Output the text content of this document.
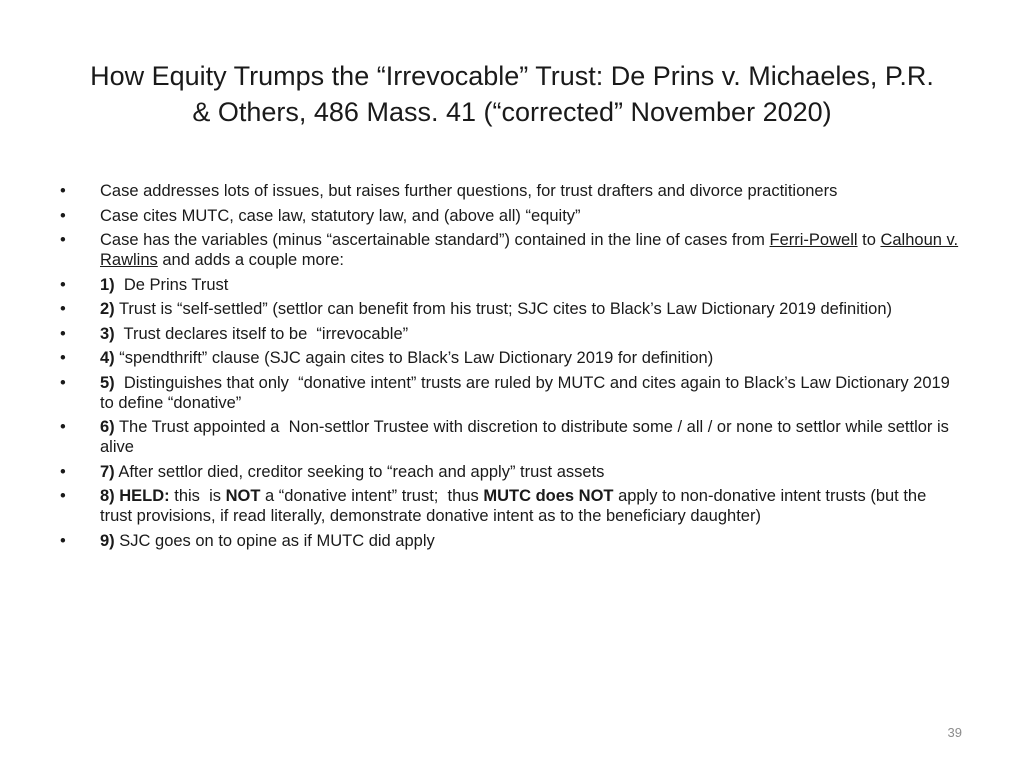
How Equity Trumps the “Irrevocable” Trust: De Prins v. Michaeles, P.R.
& Others, 486 Mass. 41 (“corrected” November 2020)
•	Case addresses lots of issues, but raises further questions, for trust drafters and divorce practitioners
•	Case cites MUTC, case law, statutory law, and (above all) “equity”
•	Case has the variables (minus “ascertainable standard”) contained in the line of cases from Ferri-Powell to Calhoun v. Rawlins and adds a couple more:
•	1)  De Prins Trust
•	2) Trust is “self-settled” (settlor can benefit from his trust; SJC cites to Black’s Law Dictionary 2019 definition)
•	3)  Trust declares itself to be  “irrevocable”
•	4) “spendthrift” clause (SJC again cites to Black’s Law Dictionary 2019 for definition)
•	5)  Distinguishes that only  “donative intent” trusts are ruled by MUTC and cites again to Black’s Law Dictionary 2019 to define “donative”
•	6) The Trust appointed a  Non-settlor Trustee with discretion to distribute some / all / or none to settlor while settlor is alive
•	7) After settlor died, creditor seeking to “reach and apply” trust assets
•	8) HELD: this  is NOT a “donative intent” trust;  thus MUTC does NOT apply to non-donative intent trusts (but the trust provisions, if read literally, demonstrate donative intent as to the beneficiary daughter)
•	9) SJC goes on to opine as if MUTC did apply
39
